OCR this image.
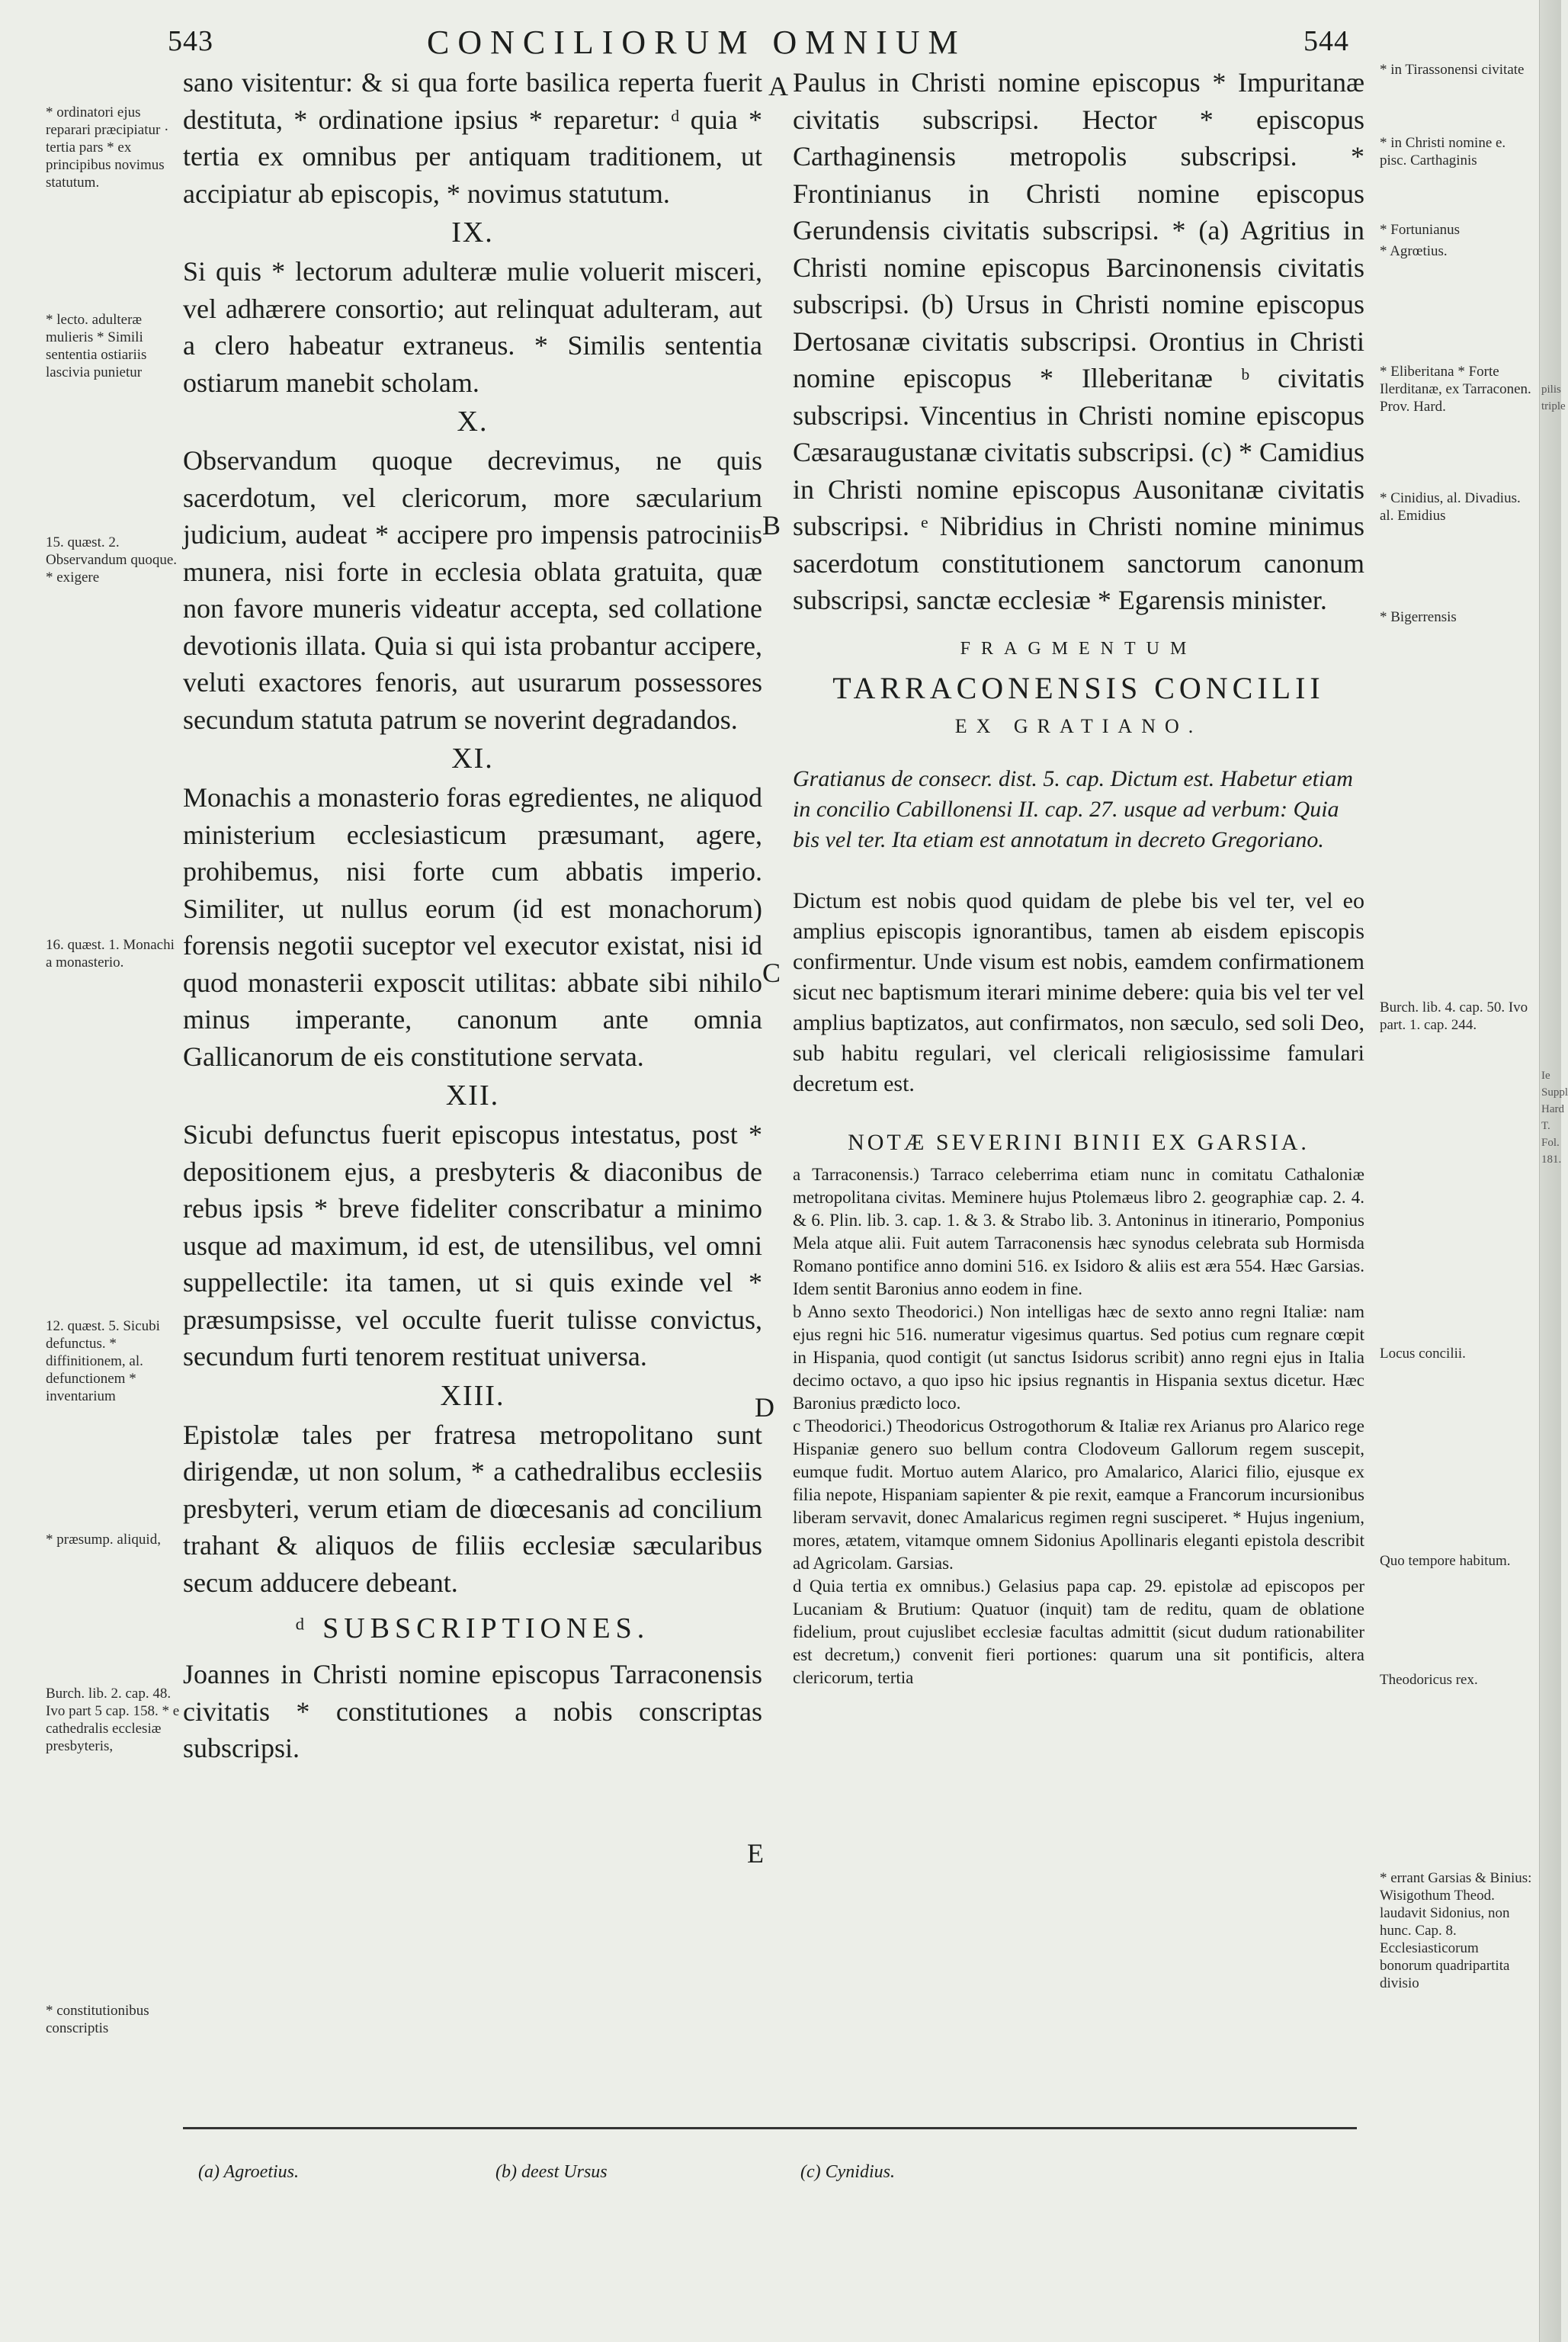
543	CONCILIORUM OMNIUM	544
A
B
C
D
E

sano visitentur: & si qua forte basilica reperta fuerit destituta, * ordinatione ipsius * reparetur: ᵈ quia * tertia ex omnibus per antiquam traditionem, ut accipiatur ab episcopis, * novimus statutum.

IX.

Si quis * lectorum adulteræ mulie voluerit misceri, vel adhærere consortio; aut relinquat adulteram, aut a clero habeatur extraneus. * Similis sententia ostiarum manebit scholam.

X.

Observandum quoque decrevimus, ne quis sacerdotum, vel clericorum, more sæcularium judicium, audeat * accipere pro impensis patrociniis munera, nisi forte in ecclesia oblata gratuita, quæ non favore muneris videatur accepta, sed collatione devotionis illata. Quia si qui ista probantur accipere, veluti exactores fenoris, aut usurarum possessores secundum statuta patrum se noverint degradandos.

XI.

Monachis a monasterio foras egredientes, ne aliquod ministerium ecclesiasticum præsumant, agere, prohibemus, nisi forte cum abbatis imperio. Similiter, ut nullus eorum (id est monachorum) forensis negotii suceptor vel executor existat, nisi id quod monasterii exposcit utilitas: abbate sibi nihilo minus imperante, canonum ante omnia Gallicanorum de eis constitutione servata.

XII.

Sicubi defunctus fuerit episcopus intestatus, post * depositionem ejus, a presbyteris & diaconibus de rebus ipsis * breve fideliter conscribatur a minimo usque ad maximum, id est, de utensilibus, vel omni suppellectile: ita tamen, ut si quis exinde vel * præsumpsisse, vel occulte fuerit tulisse convictus, secundum furti tenorem restituat universa.

XIII.

Epistolæ tales per fratresa metropolitano sunt dirigendæ, ut non solum, * a cathedralibus ecclesiis presbyteri, verum etiam de diœcesanis ad concilium trahant & aliquos de filiis ecclesiæ sæcularibus secum adducere debeant.

ᵈ SUBSCRIPTIONES.

Joannes in Christi nomine episcopus Tarraconensis civitatis * constitutiones a nobis conscriptas subscripsi.

Paulus in Christi nomine episcopus * Impuritanæ civitatis subscripsi. Hector * episcopus Carthaginensis metropolis subscripsi. * Frontinianus in Christi nomine episcopus Gerundensis civitatis subscripsi. * (a) Agritius in Christi nomine episcopus Barcinonensis civitatis subscripsi. (b) Ursus in Christi nomine episcopus Dertosanæ civitatis subscripsi. Orontius in Christi nomine episcopus * Illeberitanæ ᵇ civitatis subscripsi. Vincentius in Christi nomine episcopus Cæsaraugustanæ civitatis subscripsi. (c) * Camidius in Christi nomine episcopus Ausonitanæ civitatis subscripsi. ᵉ Nibridius in Christi nomine minimus sacerdotum constitutionem sanctorum canonum subscripsi, sanctæ ecclesiæ * Egarensis minister.

FRAGMENTUM
TARRACONENSIS CONCILII
EX GRATIANO.

Gratianus de consecr. dist. 5. cap. Dictum est. Habetur etiam in concilio Cabillonensi II. cap. 27. usque ad verbum: Quia bis vel ter. Ita etiam est annotatum in decreto Gregoriano.

Dictum est nobis quod quidam de plebe bis vel ter, vel eo amplius episcopis ignorantibus, tamen ab eisdem episcopis confirmentur. Unde visum est nobis, eamdem confirmationem sicut nec baptismum iterari minime debere: quia bis vel ter vel amplius baptizatos, aut confirmatos, non sæculo, sed soli Deo, sub habitu regulari, vel clericali religiosissime famulari decretum est.

NOTÆ SEVERINI BINII EX GARSIA.

a Tarraconensis.) Tarraco celeberrima etiam nunc in comitatu Cathaloniæ metropolitana civitas. Meminere hujus Ptolemæus libro 2. geographiæ cap. 2. 4. & 6. Plin. lib. 3. cap. 1. & 3. & Strabo lib. 3. Antoninus in itinerario, Pomponius Mela atque alii. Fuit autem Tarraconensis hæc synodus celebrata sub Hormisda Romano pontifice anno domini 516. ex Isidoro & aliis est æra 554. Hæc Garsias. Idem sentit Baronius anno eodem in fine.

b Anno sexto Theodorici.) Non intelligas hæc de sexto anno regni Italiæ: nam ejus regni hic 516. numeratur vigesimus quartus. Sed potius cum regnare cœpit in Hispania, quod contigit (ut sanctus Isidorus scribit) anno regni ejus in Italia decimo octavo, a quo ipso hic ipsius regnantis in Hispania sextus dicetur. Hæc Baronius prædicto loco.

c Theodorici.) Theodoricus Ostrogothorum & Italiæ rex Arianus pro Alarico rege Hispaniæ genero suo bellum contra Clodoveum Gallorum regem suscepit, eumque fudit. Mortuo autem Alarico, pro Amalarico, Alarici filio, ejusque ex filia nepote, Hispaniam sapienter & pie rexit, eamque a Francorum incursionibus liberam servavit, donec Amalaricus regimen regni susciperet. * Hujus ingenium, mores, ætatem, vitamque omnem Sidonius Apollinaris eleganti epistola describit ad Agricolam. Garsias.

d Quia tertia ex omnibus.) Gelasius papa cap. 29. epistolæ ad episcopos per Lucaniam & Brutium: Quatuor (inquit) tam de reditu, quam de oblatione fidelium, prout cujuslibet ecclesiæ facultas admittit (sicut dudum rationabiliter est decretum,) convenit fieri portiones: quarum una sit pontificis, altera clericorum, tertia

* ordinatori ejus reparari præcipiatur · tertia pars * ex principibus novimus statutum.
* lecto. adulteræ mulieris * Simili sententia ostiariis lascivia punietur
15. quæst. 2. Observandum quoque. * exigere
16. quæst. 1. Monachi a monasterio.
12. quæst. 5. Sicubi defunctus. * diffinitionem, al. defunctionem * inventarium
* præsump. aliquid,
Burch. lib. 2. cap. 48. Ivo part 5 cap. 158. * e cathedralis ecclesiæ presbyteris,
* constitutionibus conscriptis
* in Tirassonensi civitate
* in Christi nomine e. pisc. Carthaginis
* Fortunianus
* Agrœtius.
* Eliberitana * Forte Ilerditanæ, ex Tarraconen. Prov. Hard.
* Cinidius, al. Divadius. al. Emidius
* Bigerrensis
Burch. lib. 4. cap. 50. Ivo part. 1. cap. 244.
Locus concilii.
Quo tempore habitum.
Theodoricus rex.
* errant Garsias & Binius: Wisigothum Theod. laudavit Sidonius, non hunc. Cap. 8. Ecclesiasticorum bonorum quadripartita divisio
pilis triple
Ie Suppl Hard T. Fol. 181.
(a) Agroetius.	(b) deest Ursus	(c) Cynidius.
